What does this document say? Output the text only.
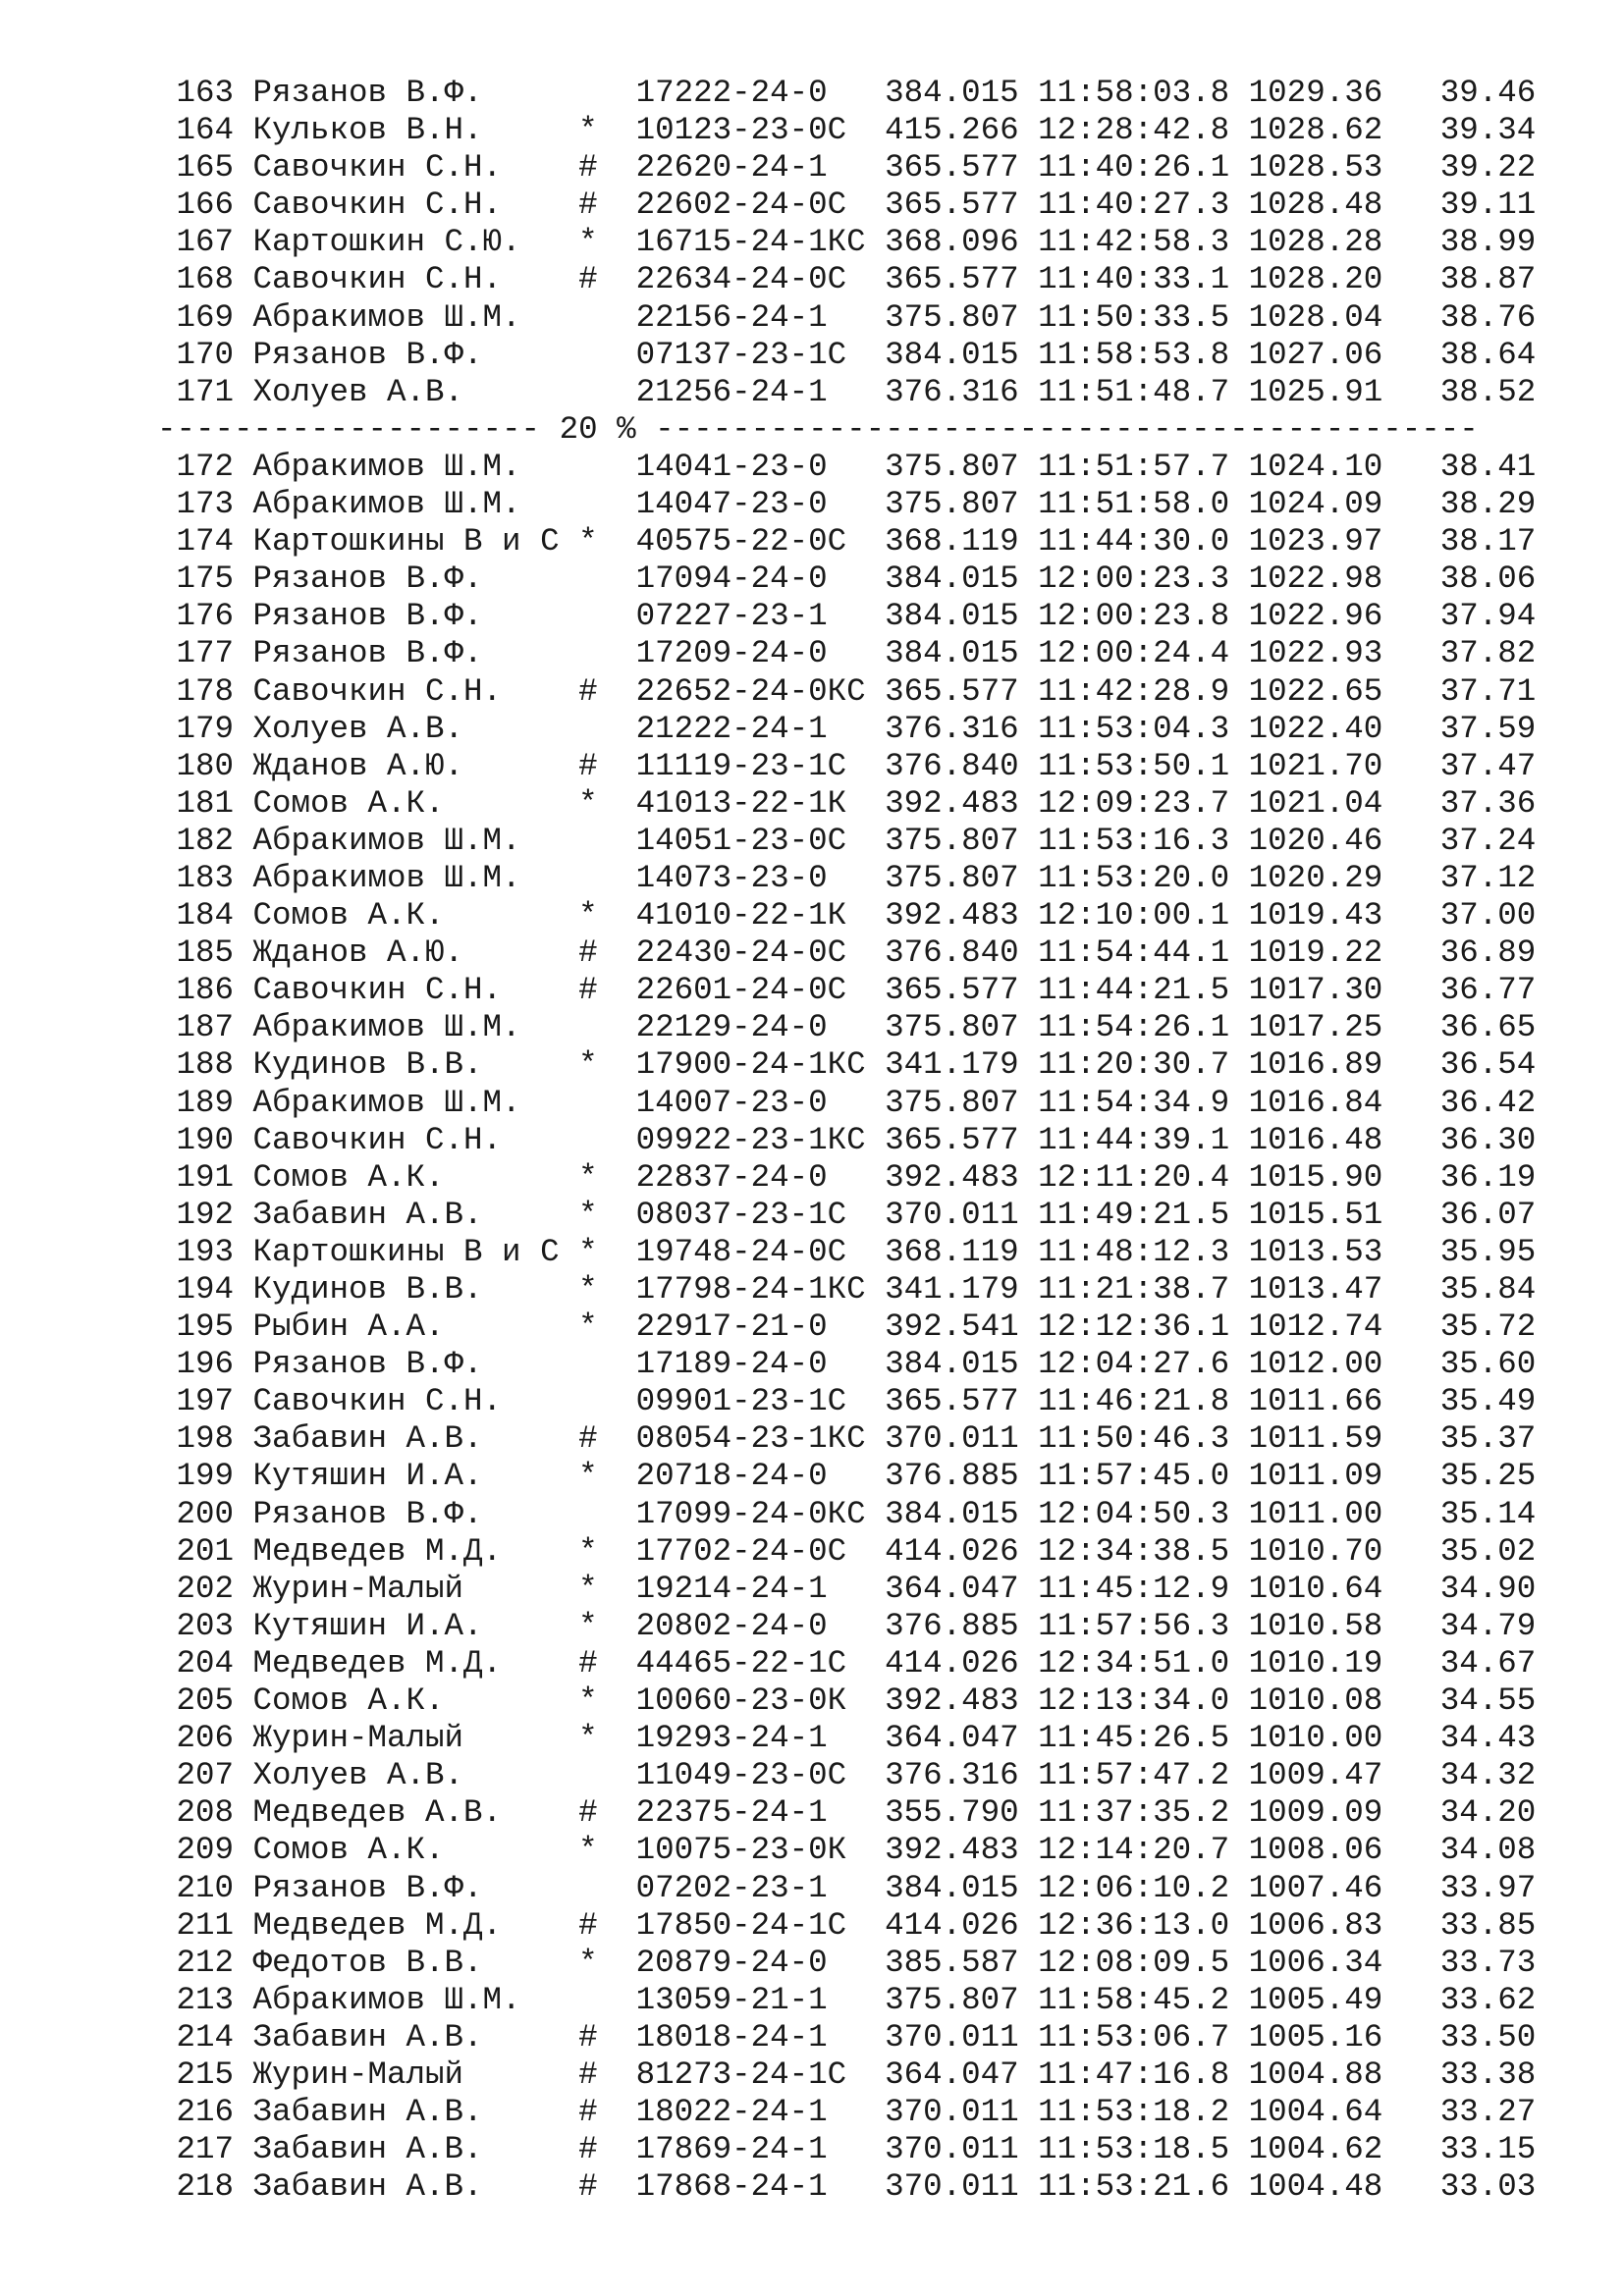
163 Рязанов В.Ф.        17222-24-0   384.015 11:58:03.8 1029.36   39.46
164 Кульков В.Н.     *  10123-23-0С  415.266 12:28:42.8 1028.62   39.34
165 Савочкин С.Н.    #  22620-24-1   365.577 11:40:26.1 1028.53   39.22
166 Савочкин С.Н.    #  22602-24-0С  365.577 11:40:27.3 1028.48   39.11
167 Картошкин С.Ю.   *  16715-24-1КС 368.096 11:42:58.3 1028.28   38.99
168 Савочкин С.Н.    #  22634-24-0С  365.577 11:40:33.1 1028.20   38.87
169 Абракимов Ш.М.      22156-24-1   375.807 11:50:33.5 1028.04   38.76
170 Рязанов В.Ф.        07137-23-1С  384.015 11:58:53.8 1027.06   38.64
171 Холуев А.В.         21256-24-1   376.316 11:51:48.7 1025.91   38.52
-------------------- 20 % -------------------------------------------
172 Абракимов Ш.М.      14041-23-0   375.807 11:51:57.7 1024.10   38.41
173 Абракимов Ш.М.      14047-23-0   375.807 11:51:58.0 1024.09   38.29
174 Картошкины В и С *  40575-22-0С  368.119 11:44:30.0 1023.97   38.17
175 Рязанов В.Ф.        17094-24-0   384.015 12:00:23.3 1022.98   38.06
176 Рязанов В.Ф.        07227-23-1   384.015 12:00:23.8 1022.96   37.94
177 Рязанов В.Ф.        17209-24-0   384.015 12:00:24.4 1022.93   37.82
178 Савочкин С.Н.    #  22652-24-0КС 365.577 11:42:28.9 1022.65   37.71
179 Холуев А.В.         21222-24-1   376.316 11:53:04.3 1022.40   37.59
180 Жданов А.Ю.      #  11119-23-1С  376.840 11:53:50.1 1021.70   37.47
181 Сомов А.К.       *  41013-22-1К  392.483 12:09:23.7 1021.04   37.36
182 Абракимов Ш.М.      14051-23-0С  375.807 11:53:16.3 1020.46   37.24
183 Абракимов Ш.М.      14073-23-0   375.807 11:53:20.0 1020.29   37.12
184 Сомов А.К.       *  41010-22-1К  392.483 12:10:00.1 1019.43   37.00
185 Жданов А.Ю.      #  22430-24-0С  376.840 11:54:44.1 1019.22   36.89
186 Савочкин С.Н.    #  22601-24-0С  365.577 11:44:21.5 1017.30   36.77
187 Абракимов Ш.М.      22129-24-0   375.807 11:54:26.1 1017.25   36.65
188 Кудинов В.В.     *  17900-24-1КС 341.179 11:20:30.7 1016.89   36.54
189 Абракимов Ш.М.      14007-23-0   375.807 11:54:34.9 1016.84   36.42
190 Савочкин С.Н.       09922-23-1КС 365.577 11:44:39.1 1016.48   36.30
191 Сомов А.К.       *  22837-24-0   392.483 12:11:20.4 1015.90   36.19
192 Забавин А.В.     *  08037-23-1С  370.011 11:49:21.5 1015.51   36.07
193 Картошкины В и С *  19748-24-0С  368.119 11:48:12.3 1013.53   35.95
194 Кудинов В.В.     *  17798-24-1КС 341.179 11:21:38.7 1013.47   35.84
195 Рыбин А.А.       *  22917-21-0   392.541 12:12:36.1 1012.74   35.72
196 Рязанов В.Ф.        17189-24-0   384.015 12:04:27.6 1012.00   35.60
197 Савочкин С.Н.       09901-23-1С  365.577 11:46:21.8 1011.66   35.49
198 Забавин А.В.     #  08054-23-1КС 370.011 11:50:46.3 1011.59   35.37
199 Кутяшин И.А.     *  20718-24-0   376.885 11:57:45.0 1011.09   35.25
200 Рязанов В.Ф.        17099-24-0КС 384.015 12:04:50.3 1011.00   35.14
201 Медведев М.Д.    *  17702-24-0С  414.026 12:34:38.5 1010.70   35.02
202 Журин-Малый      *  19214-24-1   364.047 11:45:12.9 1010.64   34.90
203 Кутяшин И.А.     *  20802-24-0   376.885 11:57:56.3 1010.58   34.79
204 Медведев М.Д.    #  44465-22-1С  414.026 12:34:51.0 1010.19   34.67
205 Сомов А.К.       *  10060-23-0К  392.483 12:13:34.0 1010.08   34.55
206 Журин-Малый      *  19293-24-1   364.047 11:45:26.5 1010.00   34.43
207 Холуев А.В.         11049-23-0С  376.316 11:57:47.2 1009.47   34.32
208 Медведев А.В.    #  22375-24-1   355.790 11:37:35.2 1009.09   34.20
209 Сомов А.К.       *  10075-23-0К  392.483 12:14:20.7 1008.06   34.08
210 Рязанов В.Ф.        07202-23-1   384.015 12:06:10.2 1007.46   33.97
211 Медведев М.Д.    #  17850-24-1С  414.026 12:36:13.0 1006.83   33.85
212 Федотов В.В.     *  20879-24-0   385.587 12:08:09.5 1006.34   33.73
213 Абракимов Ш.М.      13059-21-1   375.807 11:58:45.2 1005.49   33.62
214 Забавин А.В.     #  18018-24-1   370.011 11:53:06.7 1005.16   33.50
215 Журин-Малый      #  81273-24-1С  364.047 11:47:16.8 1004.88   33.38
216 Забавин А.В.     #  18022-24-1   370.011 11:53:18.2 1004.64   33.27
217 Забавин А.В.     #  17869-24-1   370.011 11:53:18.5 1004.62   33.15
218 Забавин А.В.     #  17868-24-1   370.011 11:53:21.6 1004.48   33.03
